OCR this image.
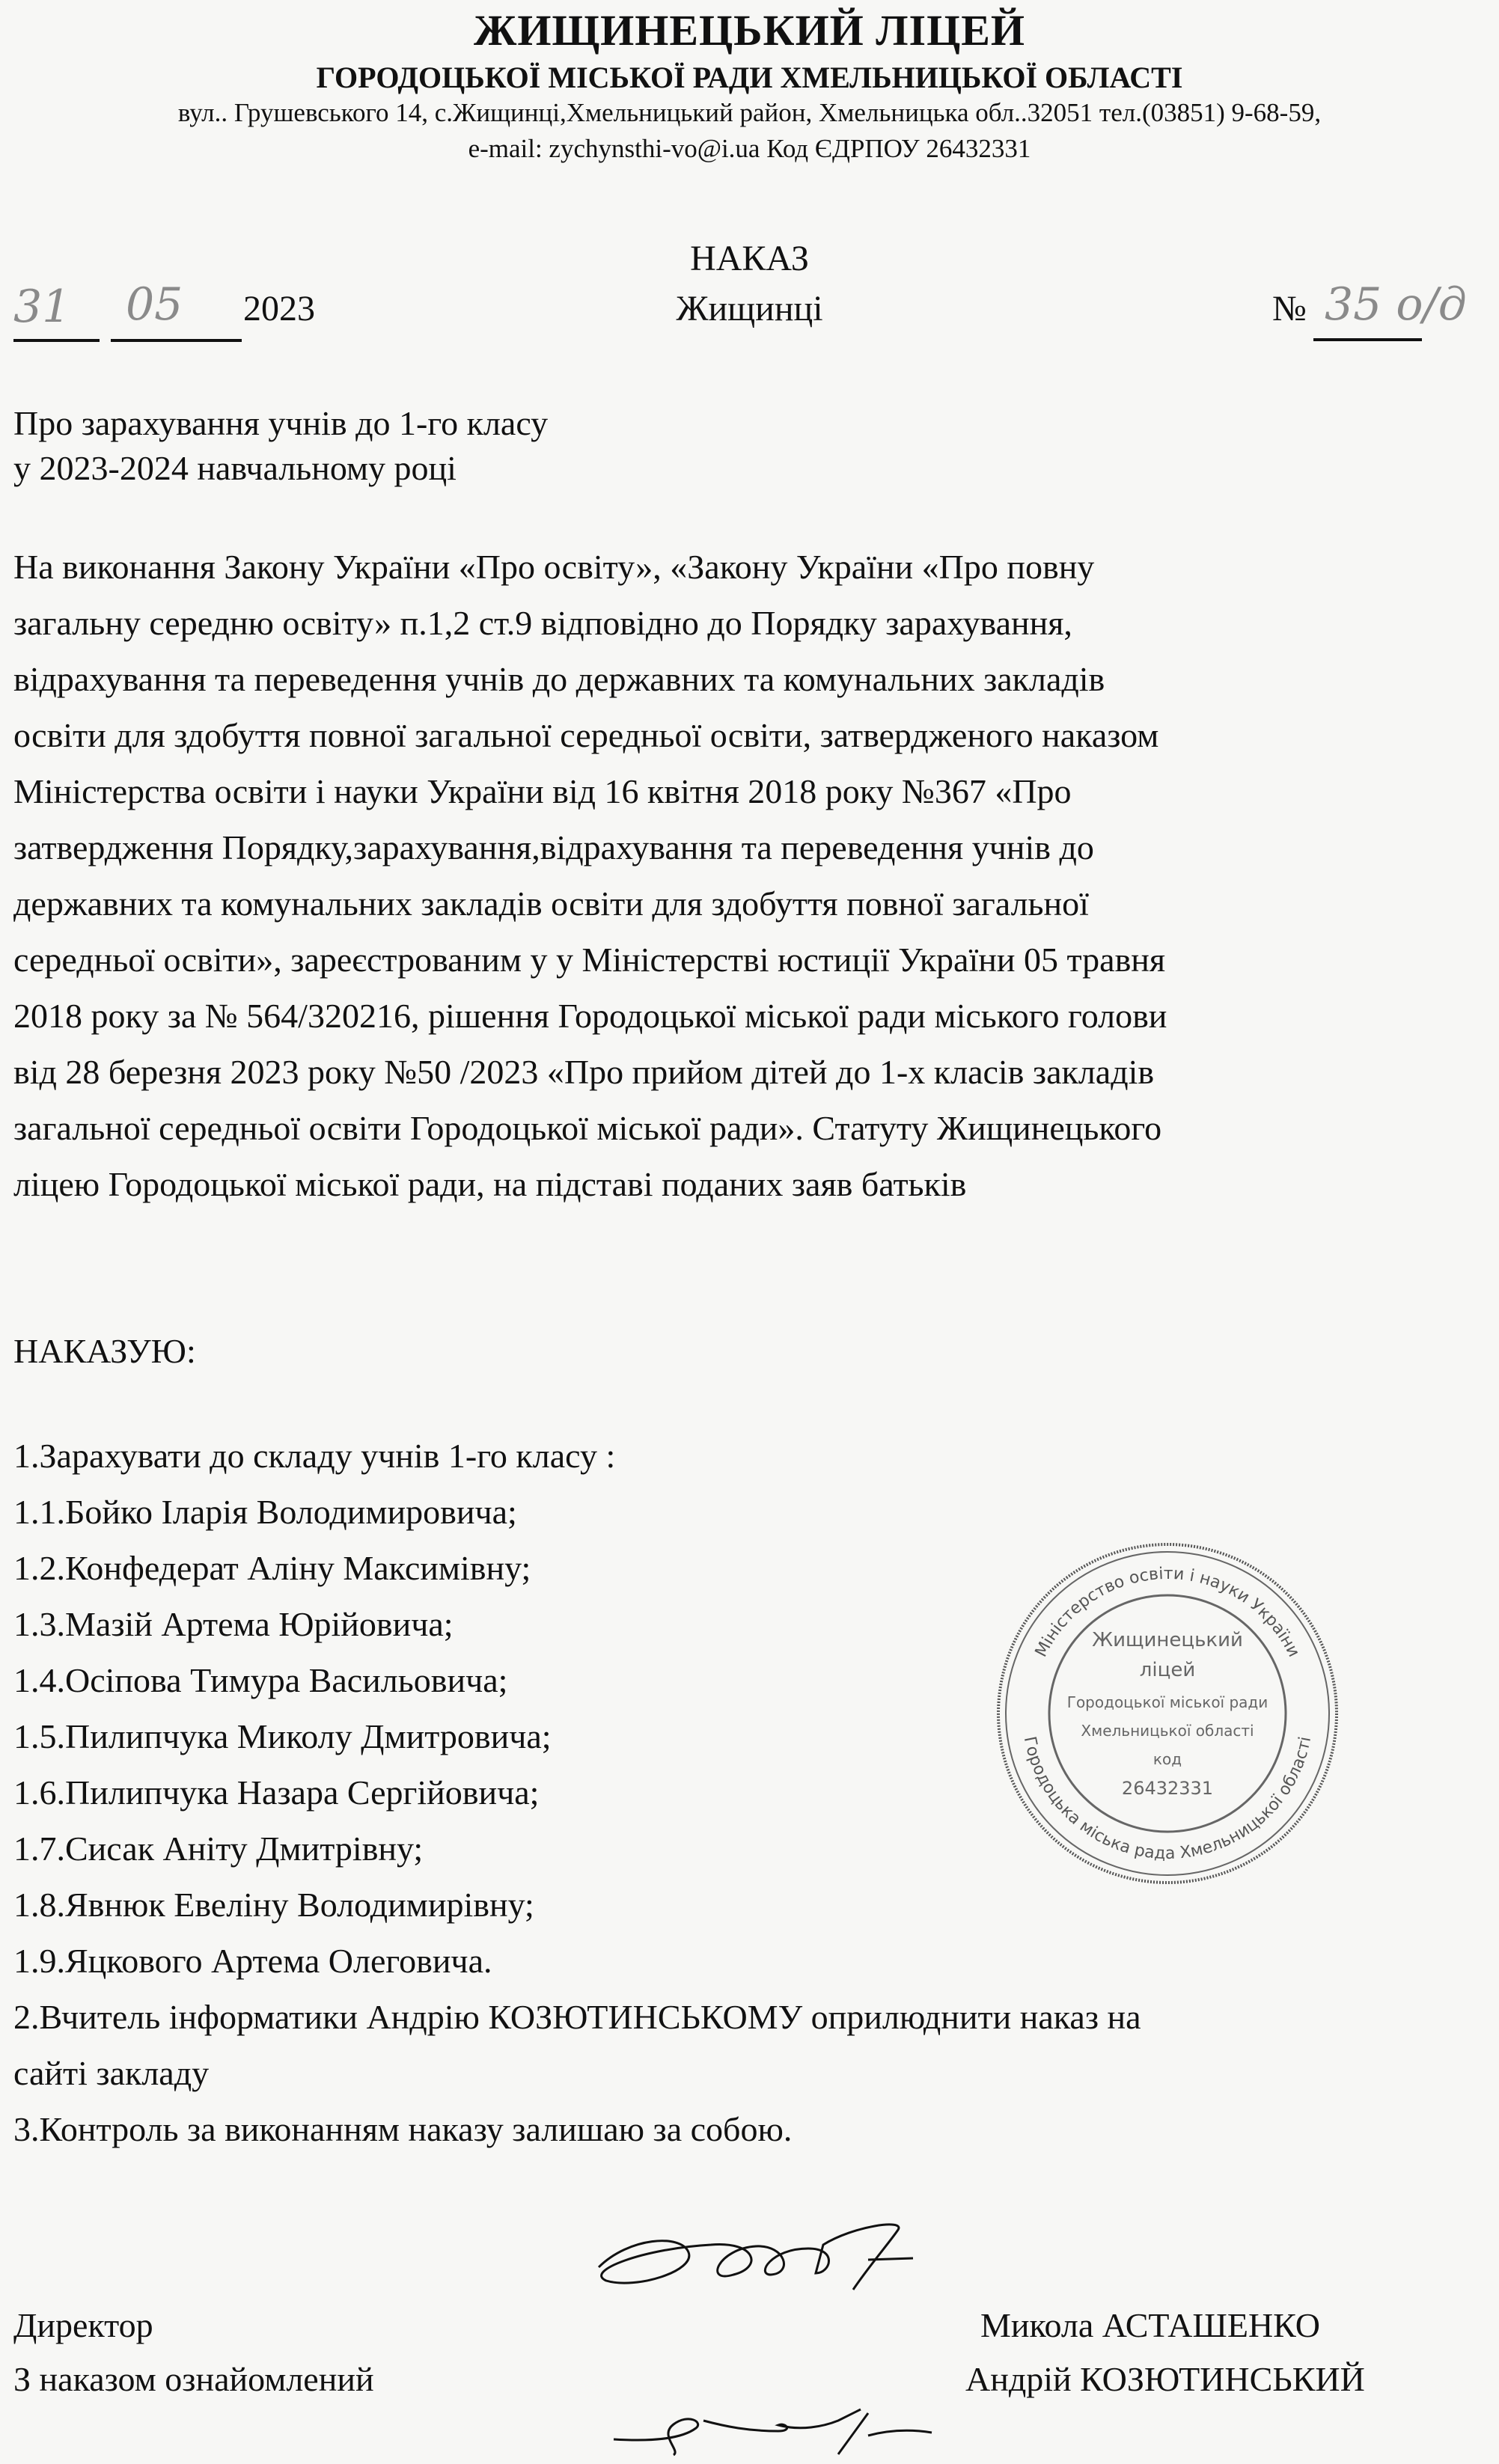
ЖИЩИНЕЦЬКИЙ ЛІЦЕЙ
ГОРОДОЦЬКОЇ МІСЬКОЇ РАДИ ХМЕЛЬНИЦЬКОЇ ОБЛАСТІ
вул.. Грушевського 14, с.Жищинці,Хмельницький район, Хмельницька обл..32051 тел.(03851) 9-68-59,
e-mail: zychynsthi-vo@i.ua Код ЄДРПОУ 26432331
НАКАЗ
Жищинці
31 05 2023	№ 35 о/д
Про зарахування учнів до 1-го класу
у 2023-2024 навчальному році
На виконання Закону України «Про освіту», «Закону України «Про повну
загальну середню освіту» п.1,2 ст.9 відповідно до Порядку зарахування,
відрахування та переведення учнів до державних та комунальних закладів
освіти для здобуття повної загальної середньої освіти, затвердженого наказом
Міністерства освіти і науки України від 16 квітня 2018 року №367 «Про
затвердження Порядку,зарахування,відрахування та переведення учнів до
державних та комунальних закладів освіти для здобуття повної загальної
середньої освіти», зареєстрованим у у Міністерстві юстиції України 05 травня
2018 року за № 564/320216, рішення Городоцької міської ради міського голови
від 28 березня 2023 року №50 /2023 «Про прийом дітей до 1-х класів закладів
загальної середньої освіти Городоцької міської ради». Статуту Жищинецького
ліцею Городоцької міської ради, на підставі поданих заяв батьків
НАКАЗУЮ:
1.Зарахувати до складу учнів 1-го класу :
1.1.Бойко Іларія Володимировича;
1.2.Конфедерат Аліну Максимівну;
1.3.Мазій Артема Юрійовича;
1.4.Осіпова Тимура Васильовича;
1.5.Пилипчука Миколу Дмитровича;
1.6.Пилипчука Назара Сергійовича;
1.7.Сисак Аніту Дмитрівну;
1.8.Явнюк Евеліну Володимирівну;
1.9.Яцкового Артема Олеговича.
2.Вчитель інформатики Андрію КОЗЮТИНСЬКОМУ оприлюднити наказ на
сайті закладу
3.Контроль за виконанням наказу залишаю за собою.
Міністерство освіти і науки України
Городоцька міська рада Хмельницької області
Жищинецький
ліцей
Городоцької міської ради
Хмельницької області
код
26432331
Директор	Микола АСТАШЕНКО
З наказом ознайомлений	Андрій КОЗЮТИНСЬКИЙ
